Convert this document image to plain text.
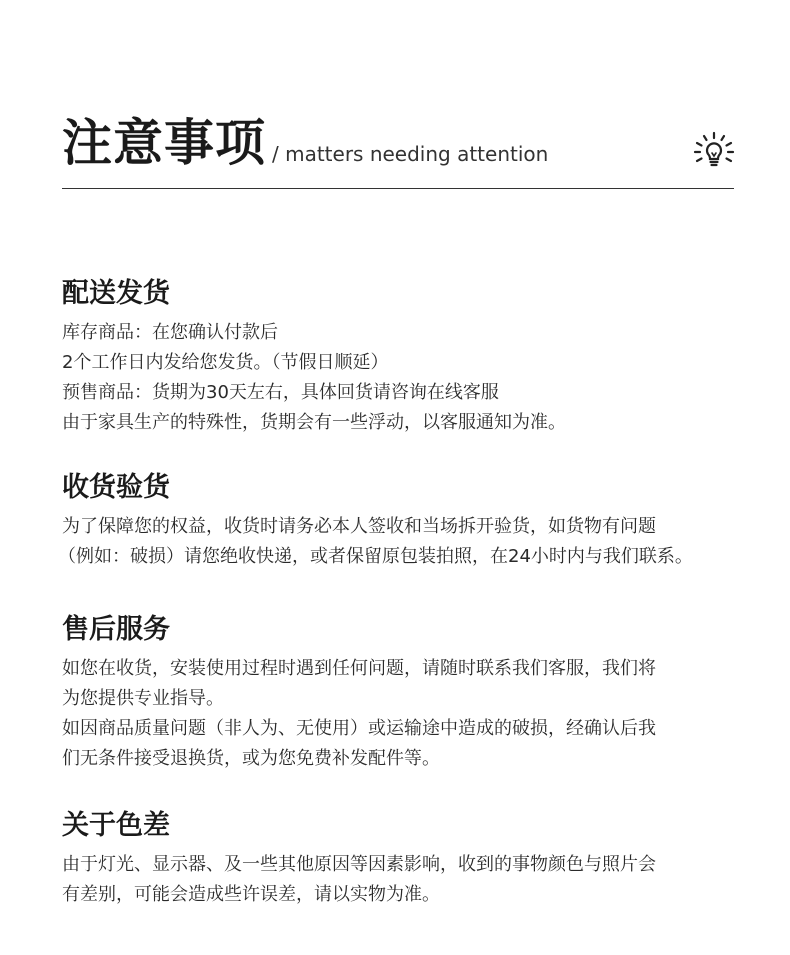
注意事项 / matters needing attention
配送发货
库存商品：在您确认付款后
2个工作日内发给您发货。（节假日顺延）
预售商品：货期为30天左右，具体回货请咨询在线客服
由于家具生产的特殊性，货期会有一些浮动，以客服通知为准。
收货验货
为了保障您的权益，收货时请务必本人签收和当场拆开验货，如货物有问题
（例如：破损）请您绝收快递，或者保留原包装拍照，在24小时内与我们联系。
售后服务
如您在收货，安装使用过程时遇到任何问题，请随时联系我们客服，我们将
为您提供专业指导。
如因商品质量问题（非人为、无使用）或运输途中造成的破损，经确认后我
们无条件接受退换货，或为您免费补发配件等。
关于色差
由于灯光、显示器、及一些其他原因等因素影响，收到的事物颜色与照片会
有差别，可能会造成些许误差，请以实物为准。
